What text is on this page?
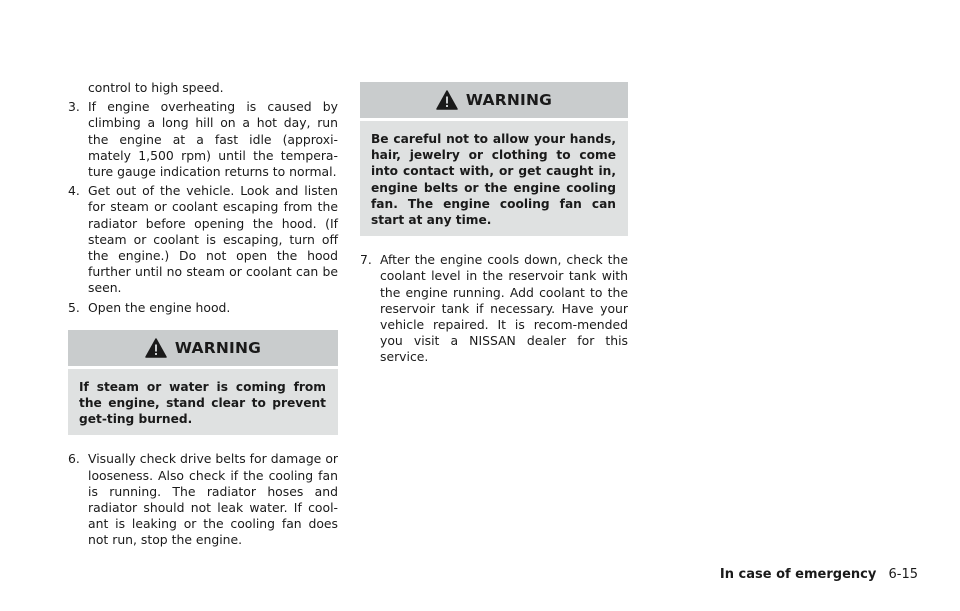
control to high speed.
3. If engine overheating is caused by climbing a long hill on a hot day, run the engine at a fast idle (approxi-mately 1,500 rpm) until the tempera-ture gauge indication returns to normal.
4. Get out of the vehicle. Look and listen for steam or coolant escaping from the radiator before opening the hood. (If steam or coolant is escaping, turn off the engine.) Do not open the hood further until no steam or coolant can be seen.
5. Open the engine hood.
WARNING
If steam or water is coming from the engine, stand clear to prevent get-ting burned.
6. Visually check drive belts for damage or looseness. Also check if the cooling fan is running. The radiator hoses and radiator should not leak water. If cool-ant is leaking or the cooling fan does not run, stop the engine.
WARNING
Be careful not to allow your hands, hair, jewelry or clothing to come into contact with, or get caught in, engine belts or the engine cooling fan. The engine cooling fan can start at any time.
7. After the engine cools down, check the coolant level in the reservoir tank with the engine running. Add coolant to the reservoir tank if necessary. Have your vehicle repaired. It is recom-mended you visit a NISSAN dealer for this service.
In case of emergency 6-15
